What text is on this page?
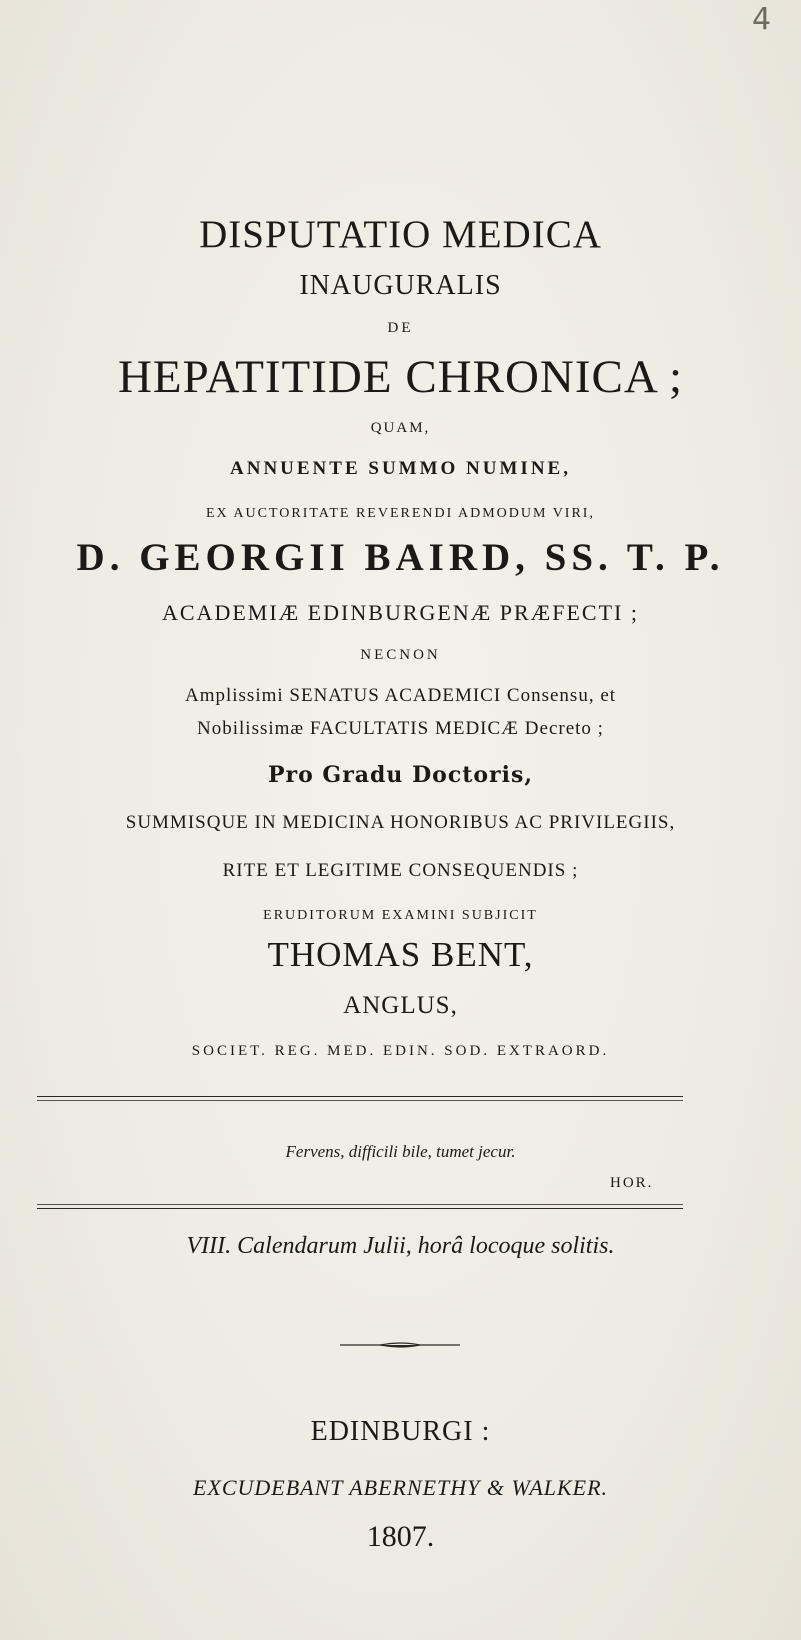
4
DISPUTATIO MEDICA
INAUGURALIS
DE
HEPATITIDE CHRONICA ;
QUAM,
ANNUENTE SUMMO NUMINE,
EX AUCTORITATE REVERENDI ADMODUM VIRI,
D. GEORGII BAIRD, SS. T. P.
ACADEMIÆ EDINBURGENÆ PRÆFECTI ;
NECNON
Amplissimi SENATUS ACADEMICI Consensu, et
Nobilissimæ FACULTATIS MEDICÆ Decreto ;
Pro Gradu Doctoris,
SUMMISQUE IN MEDICINA HONORIBUS AC PRIVILEGIIS,
RITE ET LEGITIME CONSEQUENDIS ;
ERUDITORUM EXAMINI SUBJICIT
THOMAS BENT,
ANGLUS,
SOCIET. REG. MED. EDIN. SOD. EXTRAORD.
Fervens, difficili bile, tumet jecur.
HOR.
VIII. Calendarum Julii, horâ locoque solitis.
EDINBURGI :
EXCUDEBANT ABERNETHY & WALKER.
1807.
